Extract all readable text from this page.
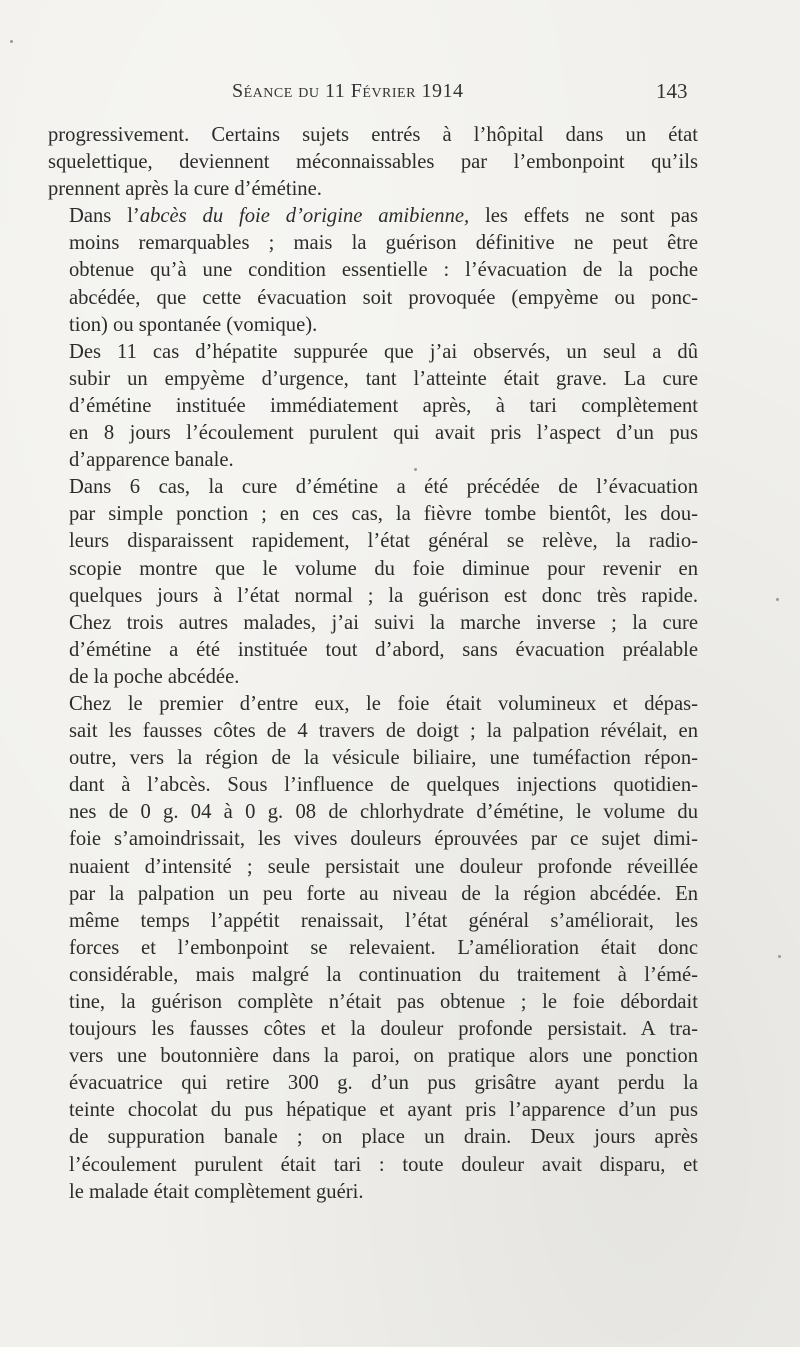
Séance du 11 Février 1914	143

progressivement. Certains sujets entrés à l’hôpital dans un état
squelettique, deviennent méconnaissables par l’embonpoint qu’ils
prennent après la cure d’émétine.

Dans l’abcès du foie d’origine amibienne, les effets ne sont pas
moins remarquables ; mais la guérison définitive ne peut être
obtenue qu’à une condition essentielle : l’évacuation de la poche
abcédée, que cette évacuation soit provoquée (empyème ou ponc-
tion) ou spontanée (vomique).

Des 11 cas d’hépatite suppurée que j’ai observés, un seul a dû
subir un empyème d’urgence, tant l’atteinte était grave. La cure
d’émétine instituée immédiatement après, à tari complètement
en 8 jours l’écoulement purulent qui avait pris l’aspect d’un pus
d’apparence banale.

Dans 6 cas, la cure d’émétine a été précédée de l’évacuation
par simple ponction ; en ces cas, la fièvre tombe bientôt, les dou-
leurs disparaissent rapidement, l’état général se relève, la radio-
scopie montre que le volume du foie diminue pour revenir en
quelques jours à l’état normal ; la guérison est donc très rapide.

Chez trois autres malades, j’ai suivi la marche inverse ; la cure
d’émétine a été instituée tout d’abord, sans évacuation préalable
de la poche abcédée.

Chez le premier d’entre eux, le foie était volumineux et dépas-
sait les fausses côtes de 4 travers de doigt ; la palpation révélait, en
outre, vers la région de la vésicule biliaire, une tuméfaction répon-
dant à l’abcès. Sous l’influence de quelques injections quotidien-
nes de 0 g. 04 à 0 g. 08 de chlorhydrate d’émétine, le volume du
foie s’amoindrissait, les vives douleurs éprouvées par ce sujet dimi-
nuaient d’intensité ; seule persistait une douleur profonde réveillée
par la palpation un peu forte au niveau de la région abcédée. En
même temps l’appétit renaissait, l’état général s’améliorait, les
forces et l’embonpoint se relevaient. L’amélioration était donc
considérable, mais malgré la continuation du traitement à l’émé-
tine, la guérison complète n’était pas obtenue ; le foie débordait
toujours les fausses côtes et la douleur profonde persistait. A tra-
vers une boutonnière dans la paroi, on pratique alors une ponction
évacuatrice qui retire 300 g. d’un pus grisâtre ayant perdu la
teinte chocolat du pus hépatique et ayant pris l’apparence d’un pus
de suppuration banale ; on place un drain. Deux jours après
l’écoulement purulent était tari : toute douleur avait disparu, et
le malade était complètement guéri.
